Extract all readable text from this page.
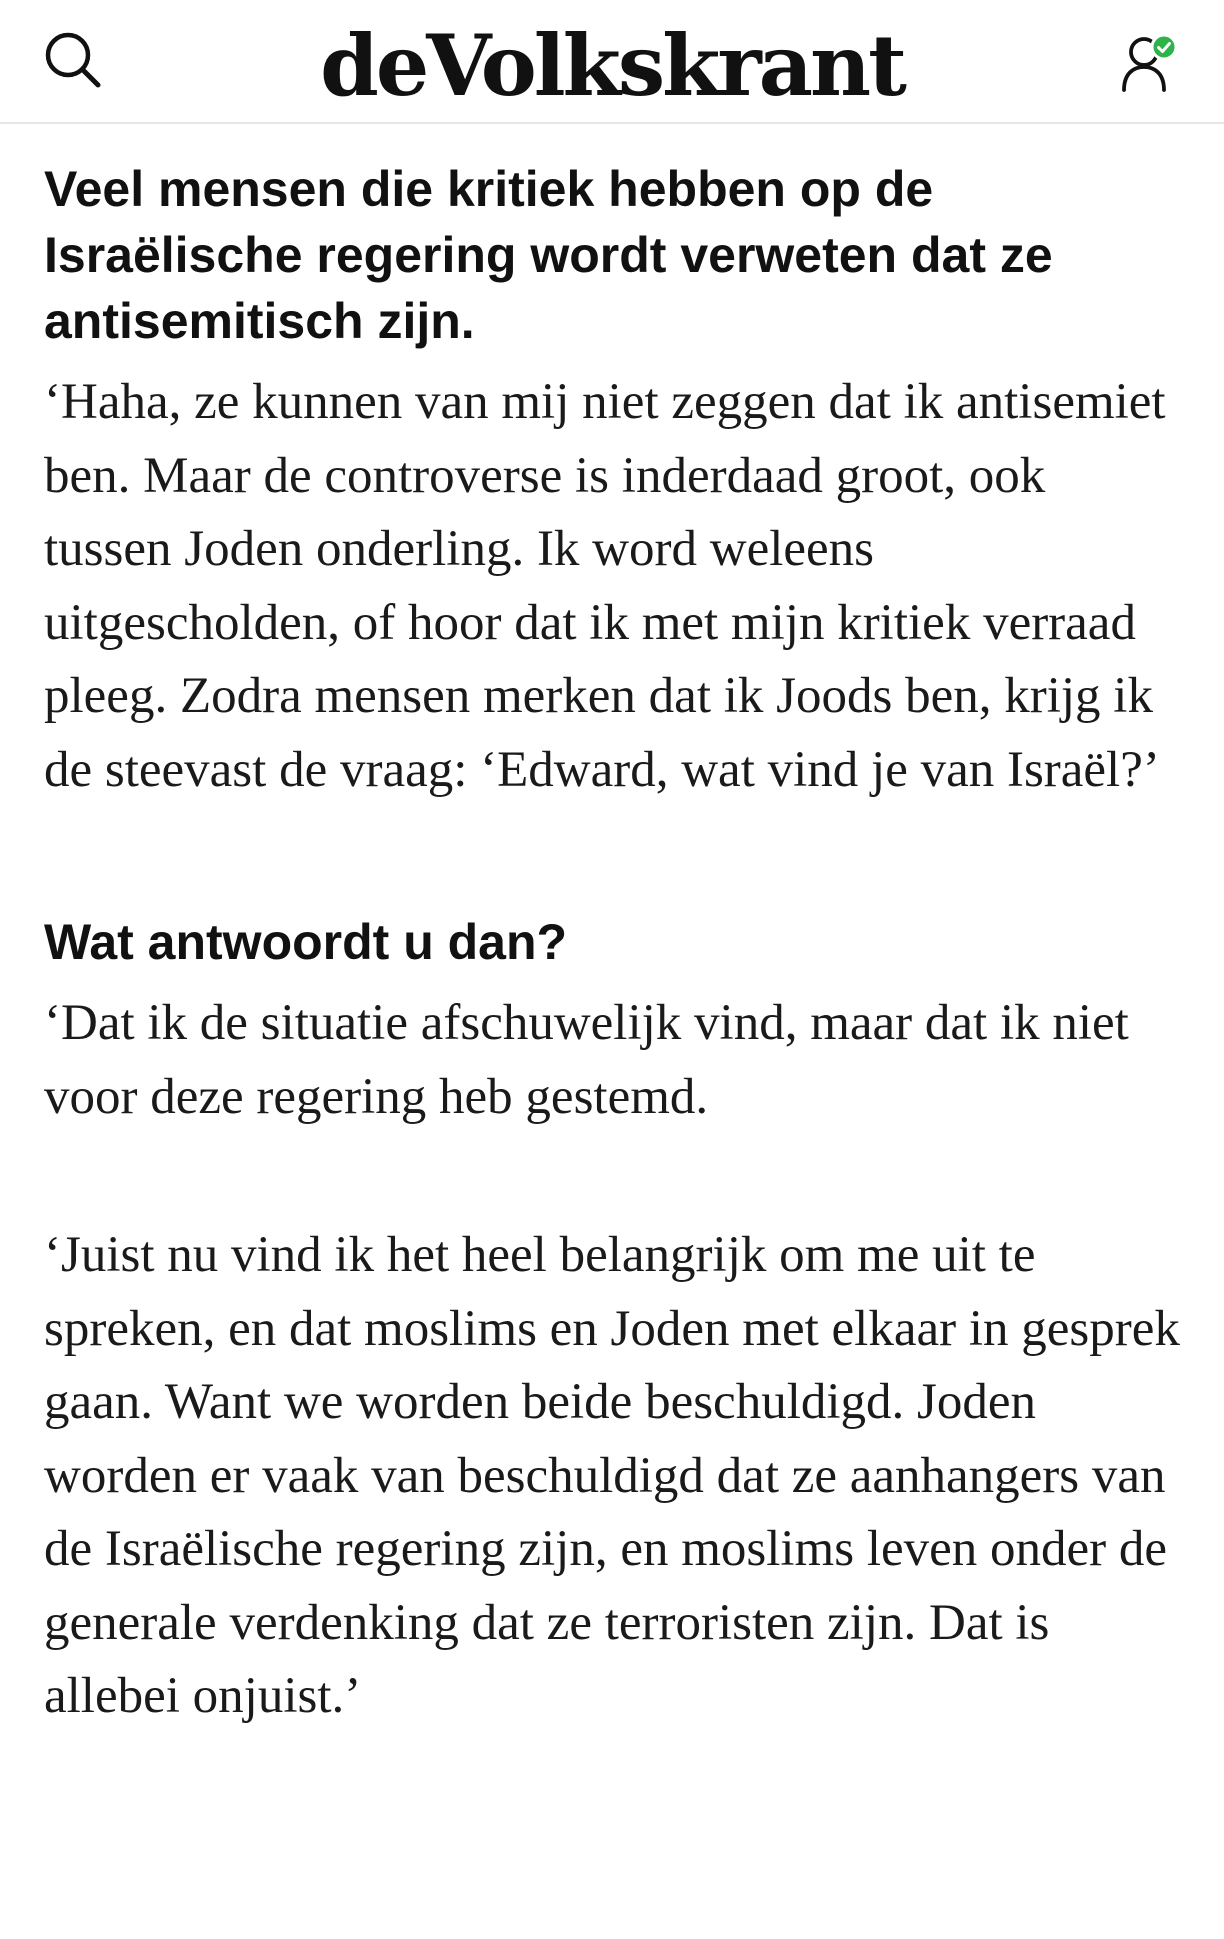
deVolkskrant
Veel mensen die kritiek hebben op de Israëlische regering wordt verweten dat ze antisemitisch zijn.

‘Haha, ze kunnen van mij niet zeggen dat ik antisemiet ben. Maar de controverse is inderdaad groot, ook tussen Joden onderling. Ik word weleens uitgescholden, of hoor dat ik met mijn kritiek verraad pleeg. Zodra mensen merken dat ik Joods ben, krijg ik de steevast de vraag: ‘Edward, wat vind je van Israël?’

Wat antwoordt u dan?

‘Dat ik de situatie afschuwelijk vind, maar dat ik niet voor deze regering heb gestemd.

‘Juist nu vind ik het heel belangrijk om me uit te spreken, en dat moslims en Joden met elkaar in gesprek gaan. Want we worden beide beschuldigd. Joden worden er vaak van beschuldigd dat ze aanhangers van de Israëlische regering zijn, en moslims leven onder de generale verdenking dat ze terroristen zijn. Dat is allebei onjuist.’
